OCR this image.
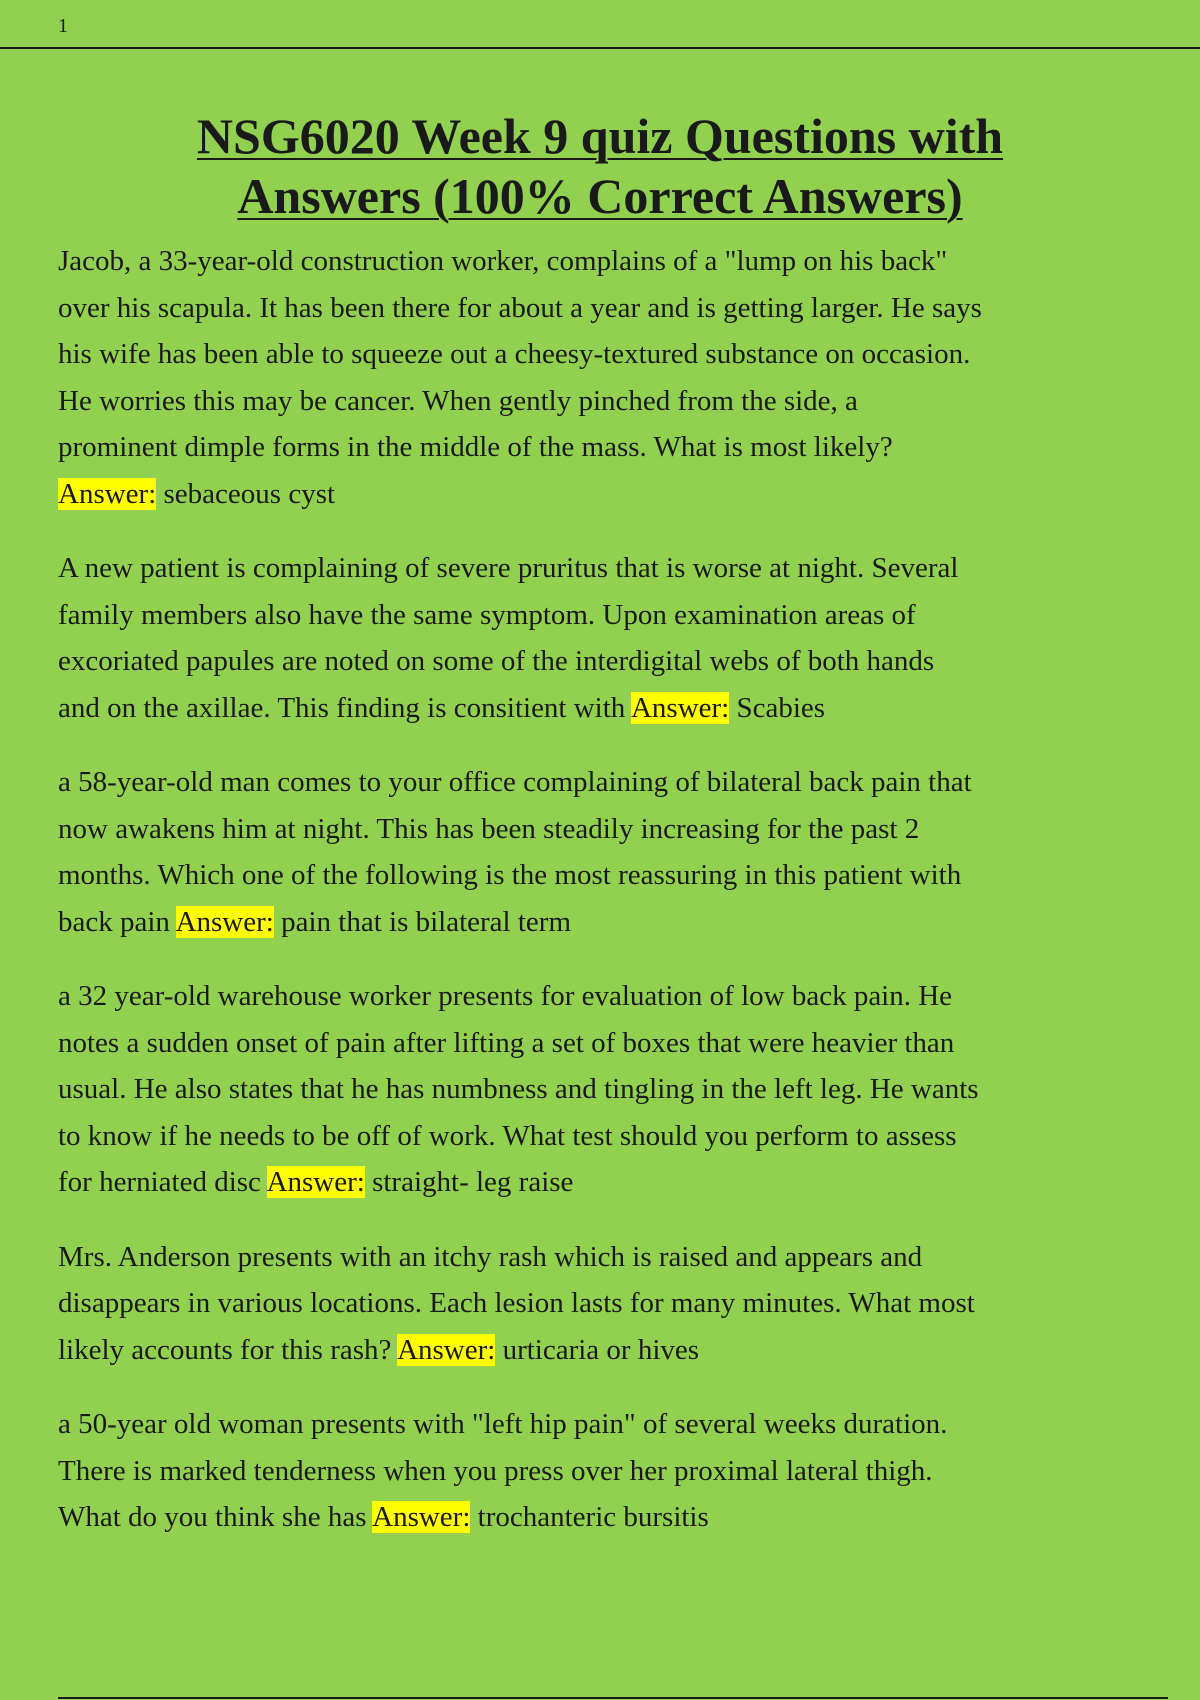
1
NSG6020 Week 9 quiz Questions with
Answers (100% Correct Answers)

Jacob, a 33-year-old construction worker, complains of a "lump on his back"
over his scapula. It has been there for about a year and is getting larger. He says
his wife has been able to squeeze out a cheesy-textured substance on occasion.
He worries this may be cancer. When gently pinched from the side, a
prominent dimple forms in the middle of the mass. What is most likely?
Answer: sebaceous cyst

A new patient is complaining of severe pruritus that is worse at night. Several
family members also have the same symptom. Upon examination areas of
excoriated papules are noted on some of the interdigital webs of both hands
and on the axillae. This finding is consitient with Answer: Scabies

a 58-year-old man comes to your office complaining of bilateral back pain that
now awakens him at night. This has been steadily increasing for the past 2
months. Which one of the following is the most reassuring in this patient with
back pain Answer: pain that is bilateral term

a 32 year-old warehouse worker presents for evaluation of low back pain. He
notes a sudden onset of pain after lifting a set of boxes that were heavier than
usual. He also states that he has numbness and tingling in the left leg. He wants
to know if he needs to be off of work. What test should you perform to assess
for herniated disc Answer: straight- leg raise

Mrs. Anderson presents with an itchy rash which is raised and appears and
disappears in various locations. Each lesion lasts for many minutes. What most
likely accounts for this rash? Answer: urticaria or hives

a 50-year old woman presents with "left hip pain" of several weeks duration.
There is marked tenderness when you press over her proximal lateral thigh.
What do you think she has Answer: trochanteric bursitis
